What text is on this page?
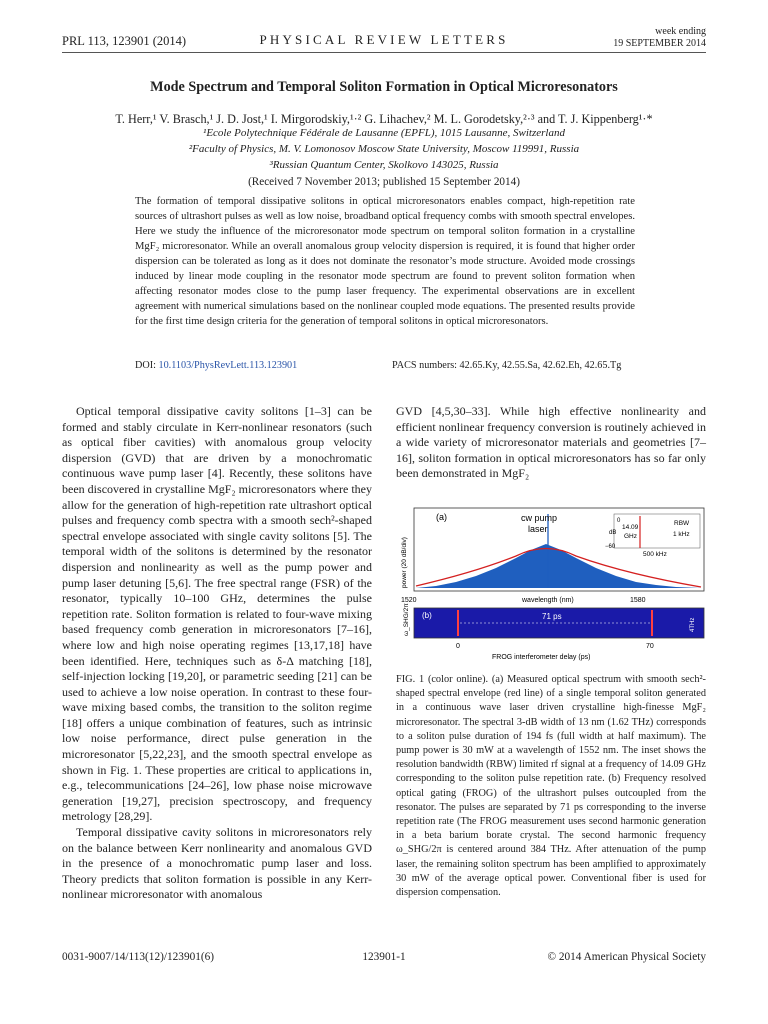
PRL 113, 123901 (2014)	PHYSICAL REVIEW LETTERS
week ending
19 SEPTEMBER 2014
Mode Spectrum and Temporal Soliton Formation in Optical Microresonators
T. Herr,¹ V. Brasch,¹ J. D. Jost,¹ I. Mirgorodskiy,¹·² G. Lihachev,² M. L. Gorodetsky,²·³ and T. J. Kippenberg¹·*
¹Ecole Polytechnique Fédérale de Lausanne (EPFL), 1015 Lausanne, Switzerland
²Faculty of Physics, M. V. Lomonosov Moscow State University, Moscow 119991, Russia
³Russian Quantum Center, Skolkovo 143025, Russia
(Received 7 November 2013; published 15 September 2014)
The formation of temporal dissipative solitons in optical microresonators enables compact, high-repetition rate sources of ultrashort pulses as well as low noise, broadband optical frequency combs with smooth spectral envelopes. Here we study the influence of the microresonator mode spectrum on temporal soliton formation in a crystalline MgF₂ microresonator. While an overall anomalous group velocity dispersion is required, it is found that higher order dispersion can be tolerated as long as it does not dominate the resonator’s mode structure. Avoided mode crossings induced by linear mode coupling in the resonator mode spectrum are found to prevent soliton formation when affecting resonator modes close to the pump laser frequency. The experimental observations are in excellent agreement with numerical simulations based on the nonlinear coupled mode equations. The presented results provide for the first time design criteria for the generation of temporal solitons in optical microresonators.
DOI: 10.1103/PhysRevLett.113.123901	PACS numbers: 42.65.Ky, 42.55.Sa, 42.62.Eh, 42.65.Tg

Optical temporal dissipative cavity solitons [1–3] can be formed and stably circulate in Kerr-nonlinear resonators (such as optical fiber cavities) with anomalous group velocity dispersion (GVD) that are driven by a monochromatic continuous wave pump laser [4]. Recently, these solitons have been discovered in crystalline MgF₂ microresonators where they allow for the generation of high-repetition rate ultrashort optical pulses and frequency comb spectra with a smooth sech²-shaped spectral envelope associated with single cavity solitons [5]. The temporal width of the solitons is determined by the resonator dispersion and nonlinearity as well as the pump power and pump laser detuning [5,6]. The free spectral range (FSR) of the resonator, typically 10–100 GHz, determines the pulse repetition rate. Soliton formation is related to four-wave mixing based frequency comb generation in microresonators [7–16], where low and high noise operating regimes [13,17,18] have been identified. Here, techniques such as δ-Δ matching [18], self-injection locking [19,20], or parametric seeding [21] can be used to achieve a low noise operation. In contrast to these four-wave mixing based combs, the transition to the soliton regime [18] offers a unique combination of features, such as intrinsic low noise performance, direct pulse generation in the microresonator [5,22,23], and the smooth spectral envelope as shown in Fig. 1. These properties are critical to applications in, e.g., telecommunications [24–26], low phase noise microwave generation [19,27], precision spectroscopy, and frequency metrology [28,29].

Temporal dissipative cavity solitons in microresonators rely on the balance between Kerr nonlinearity and anomalous GVD in the presence of a monochromatic pump laser and loss. Theory predicts that soliton formation is possible in any Kerr-nonlinear microresonator with anomalous

GVD [4,5,30–33]. While high effective nonlinearity and efficient nonlinear frequency conversion is routinely achieved in a wide variety of microresonator materials and geometries [7–16], soliton formation in optical microresonators has so far only been demonstrated in MgF₂

(a)	cw pump
laser
0
dB
−60
14.09
GHz
RBW
1 kHz
500 kHz
power (20 dB/div)
1520	wavelength (nm)	1580
(b)	71 ps
4THz
ω_SHG/2π
0	70
FROG interferometer delay (ps)
FIG. 1 (color online). (a) Measured optical spectrum with smooth sech²-shaped spectral envelope (red line) of a single temporal soliton generated in a continuous wave laser driven crystalline high-finesse MgF₂ microresonator. The spectral 3-dB width of 13 nm (1.62 THz) corresponds to a soliton pulse duration of 194 fs (full width at half maximum). The pump power is 30 mW at a wavelength of 1552 nm. The inset shows the resolution bandwidth (RBW) limited rf signal at a frequency of 14.09 GHz corresponding to the soliton pulse repetition rate. (b) Frequency resolved optical gating (FROG) of the ultrashort pulses outcoupled from the resonator. The pulses are separated by 71 ps corresponding to the inverse repetition rate (The FROG measurement uses second harmonic generation in a beta barium borate crystal. The second harmonic frequency ω_SHG/2π is centered around 384 THz. After attenuation of the pump laser, the remaining soliton spectrum has been amplified to approximately 30 mW of the average optical power. Conventional fiber is used for dispersion compensation.
0031-9007/14/113(12)/123901(6)	123901-1	© 2014 American Physical Society
